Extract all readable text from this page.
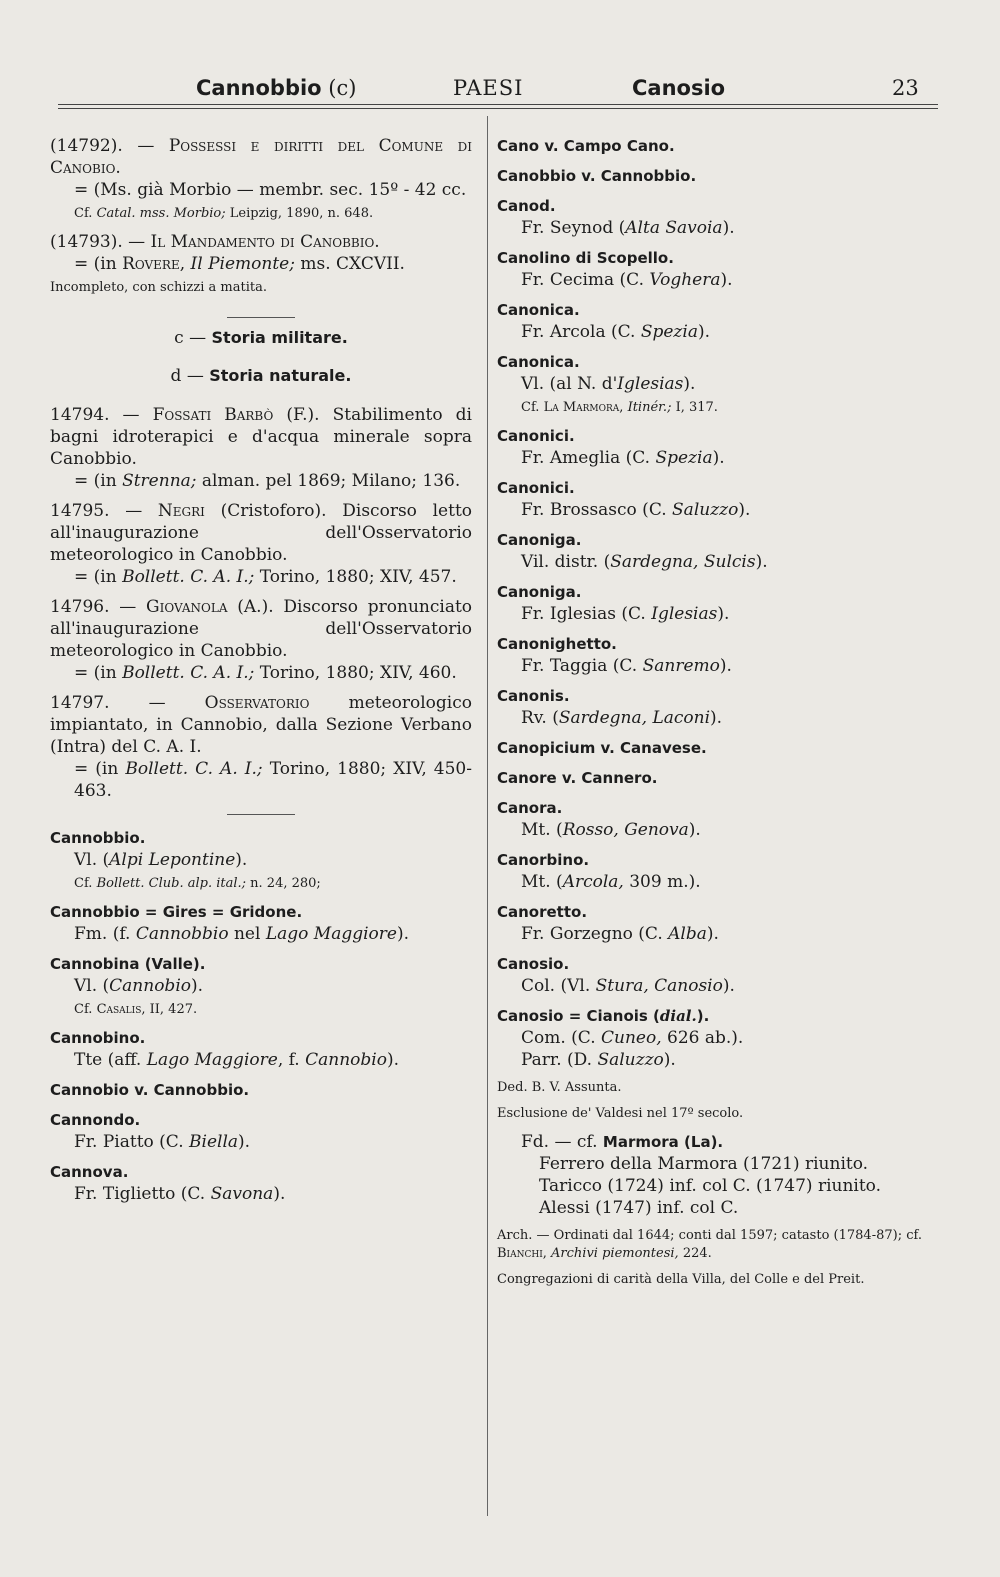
Cannobbio (c)	PAESI	Canosio	23
(14792). — Possessi e diritti del Comune di Canobio.
= (Ms. già Morbio — membr. sec. 15º - 42 cc.
Cf. Catal. mss. Morbio; Leipzig, 1890, n. 648.
(14793). — Il Mandamento di Canobbio.
= (in Rovere, Il Piemonte; ms. CXCVII.
Incompleto, con schizzi a matita.
c — Storia militare.
d — Storia naturale.
14794. — Fossati Barbò (F.). Stabilimento di bagni idroterapici e d'acqua minerale sopra Canobbio.
= (in Strenna; alman. pel 1869; Milano; 136.
14795. — Negri (Cristoforo). Discorso letto all'inaugurazione dell'Osservatorio meteorologico in Canobbio.
= (in Bollett. C. A. I.; Torino, 1880; XIV, 457.
14796. — Giovanola (A.). Discorso pronunciato all'inaugurazione dell'Osservatorio meteorologico in Canobbio.
= (in Bollett. C. A. I.; Torino, 1880; XIV, 460.
14797. — Osservatorio meteorologico impiantato, in Cannobio, dalla Sezione Verbano (Intra) del C. A. I.
= (in Bollett. C. A. I.; Torino, 1880; XIV, 450-463.
Cannobbio.
Vl. (Alpi Lepontine).
Cf. Bollett. Club. alp. ital.; n. 24, 280;
Cannobbio = Gires = Gridone.
Fm. (f. Cannobbio nel Lago Maggiore).
Cannobina (Valle).
Vl. (Cannobio).
Cf. Casalis, II, 427.
Cannobino.
Tte (aff. Lago Maggiore, f. Cannobio).
Cannobio v. Cannobbio.
Cannondo.
Fr. Piatto (C. Biella).
Cannova.
Fr. Tiglietto (C. Savona).
Cano v. Campo Cano.
Canobbio v. Cannobbio.
Canod.
Fr. Seynod (Alta Savoia).
Canolino di Scopello.
Fr. Cecima (C. Voghera).
Canonica.
Fr. Arcola (C. Spezia).
Canonica.
Vl. (al N. d'Iglesias).
Cf. La Marmora, Itinér.; I, 317.
Canonici.
Fr. Ameglia (C. Spezia).
Canonici.
Fr. Brossasco (C. Saluzzo).
Canoniga.
Vil. distr. (Sardegna, Sulcis).
Canoniga.
Fr. Iglesias (C. Iglesias).
Canonighetto.
Fr. Taggia (C. Sanremo).
Canonis.
Rv. (Sardegna, Laconi).
Canopicium v. Canavese.
Canore v. Cannero.
Canora.
Mt. (Rosso, Genova).
Canorbino.
Mt. (Arcola, 309 m.).
Canoretto.
Fr. Gorzegno (C. Alba).
Canosio.
Col. (Vl. Stura, Canosio).
Canosio = Cianois (dial.).
Com. (C. Cuneo, 626 ab.).
Parr. (D. Saluzzo).
Ded. B. V. Assunta.
Esclusione de' Valdesi nel 17º secolo.
Fd. — cf. Marmora (La).
Ferrero della Marmora (1721) riunito.
Taricco (1724) inf. col C. (1747) riunito.
Alessi (1747) inf. col C.
Arch. — Ordinati dal 1644; conti dal 1597; catasto (1784-87); cf. Bianchi, Archivi piemontesi, 224.
Congregazioni di carità della Villa, del Colle e del Preit.
